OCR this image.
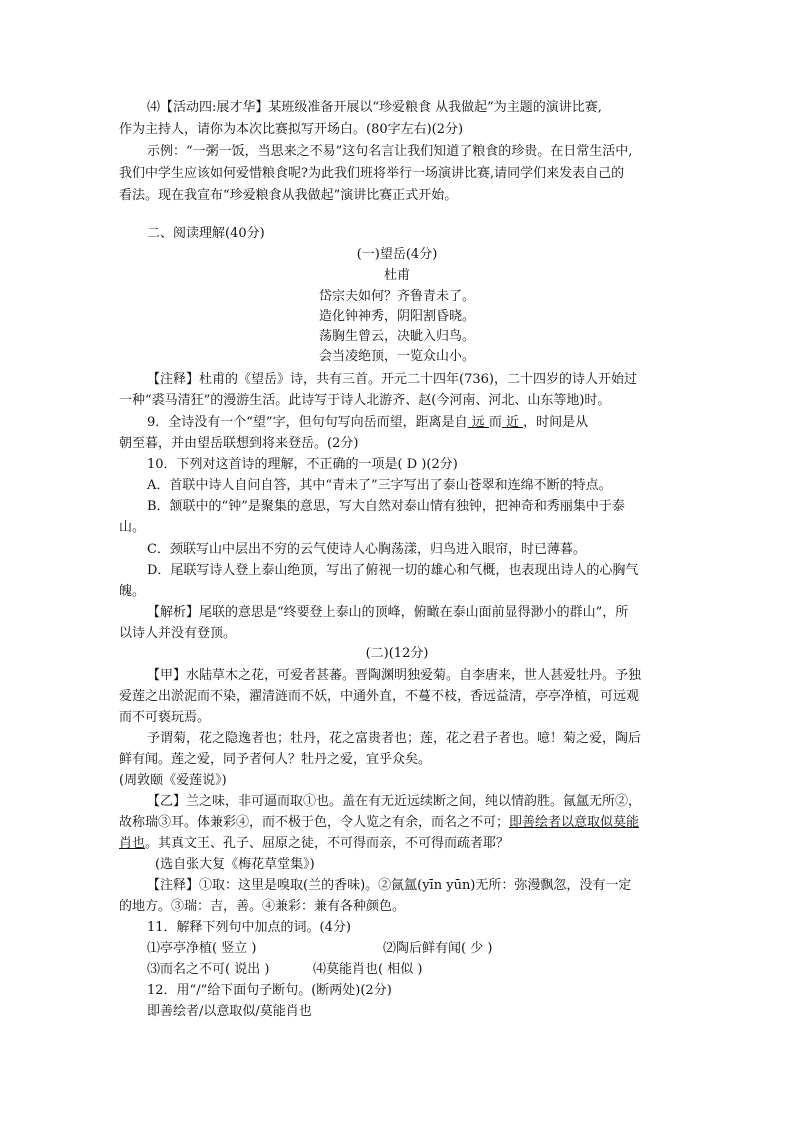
⑷【活动四:展才华】某班级准备开展以“珍爱粮食 从我做起”为主题的演讲比赛,
作为主持人，请你为本次比赛拟写开场白。(80字左右)(2分)
示例：“一粥一饭，当思来之不易”这句名言让我们知道了粮食的珍贵。在日常生活中,
我们中学生应该如何爱惜粮食呢?为此我们班将举行一场演讲比赛,请同学们来发表自己的
看法。现在我宣布“珍爱粮食从我做起”演讲比赛正式开始。
二、阅读理解(40分)
(一)望岳(4分)
杜甫
岱宗夫如何？齐鲁青未了。
造化钟神秀，阴阳割昏晓。
荡胸生曾云，决眦入归鸟。
会当凌绝顶，一览众山小。
【注释】杜甫的《望岳》诗，共有三首。开元二十四年(736)，二十四岁的诗人开始过
一种“裘马清狂”的漫游生活。此诗写于诗人北游齐、赵(今河南、河北、山东等地)时。
9．全诗没有一个“望”字，但句句写向岳而望，距离是自 远 而 近 ，时间是从
朝至暮，并由望岳联想到将来登岳。(2分)
10．下列对这首诗的理解，不正确的一项是( D )(2分)
A．首联中诗人自问自答，其中“青未了”三字写出了泰山苍翠和连绵不断的特点。
B．颔联中的“钟”是聚集的意思，写大自然对泰山情有独钟，把神奇和秀丽集中于泰
山。
C．颈联写山中层出不穷的云气使诗人心胸荡漾，归鸟进入眼帘，时已薄暮。
D．尾联写诗人登上泰山绝顶，写出了俯视一切的雄心和气概，也表现出诗人的心胸气
魄。
【解析】尾联的意思是“终要登上泰山的顶峰，俯瞰在泰山面前显得渺小的群山”，所
以诗人并没有登顶。
(二)(12分)
【甲】水陆草木之花，可爱者甚蕃。晋陶渊明独爱菊。自李唐来，世人甚爱牡丹。予独
爱莲之出淤泥而不染，濯清涟而不妖，中通外直，不蔓不枝，香远益清，亭亭净植，可远观
而不可亵玩焉。
予谓菊，花之隐逸者也；牡丹，花之富贵者也；莲，花之君子者也。噫！菊之爱，陶后
鲜有闻。莲之爱，同予者何人？牡丹之爱，宜乎众矣。
(周敦颐《爱莲说》)
【乙】兰之味，非可逼而取①也。盖在有无近远续断之间，纯以情韵胜。氤氲无所②，
故称瑞③耳。体兼彩④，而不极于色，令人览之有余，而名之不可；即善绘者以意取似莫能
肖也。其真文王、孔子、屈原之徒，不可得而亲，不可得而疏者耶？
(选自张大复《梅花草堂集》)
【注释】①取：这里是嗅取(兰的香味)。②氤氲(yīn yūn)无所：弥漫飘忽，没有一定
的地方。③瑞：吉，善。④兼彩：兼有各种颜色。
11．解释下列句中加点的词。(4分)
⑴亭亭净植( 竖立 )	⑵陶后鲜有闻( 少 )
⑶而名之不可( 说出 )	⑷莫能肖也( 相似 )
12．用“/”给下面句子断句。(断两处)(2分)
即善绘者/以意取似/莫能肖也
